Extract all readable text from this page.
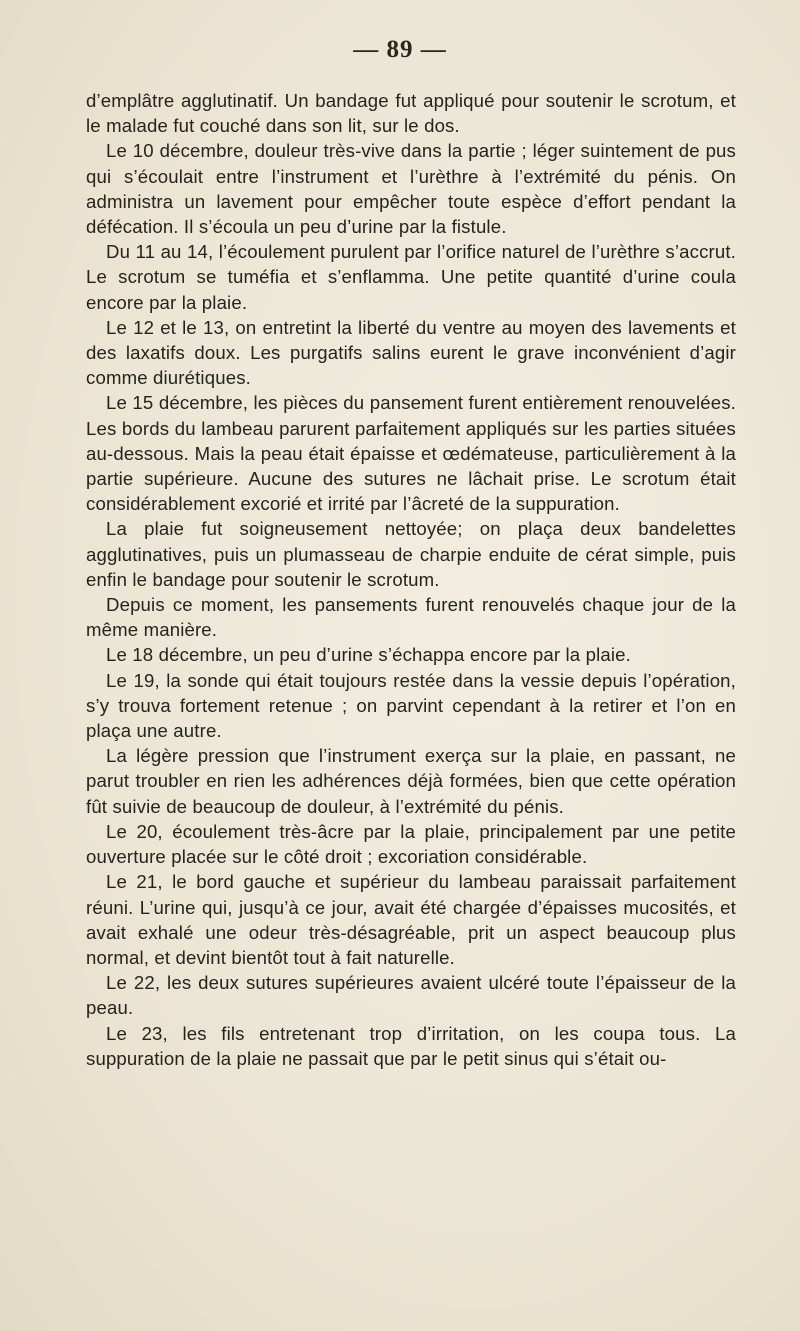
— 89 —

d’emplâtre agglutinatif. Un bandage fut appliqué pour soutenir le scrotum, et le malade fut couché dans son lit, sur le dos.

Le 10 décembre, douleur très-vive dans la partie ; léger suintement de pus qui s’écoulait entre l’instrument et l’urèthre à l’extrémité du pénis. On administra un lavement pour empêcher toute espèce d’effort pendant la défécation. Il s’écoula un peu d’urine par la fistule.

Du 11 au 14, l’écoulement purulent par l’orifice naturel de l’urèthre s’accrut. Le scrotum se tuméfia et s’enflamma. Une petite quantité d’urine coula encore par la plaie.

Le 12 et le 13, on entretint la liberté du ventre au moyen des lavements et des laxatifs doux. Les purgatifs salins eurent le grave inconvénient d’agir comme diurétiques.

Le 15 décembre, les pièces du pansement furent entièrement renouvelées. Les bords du lambeau parurent parfaitement appliqués sur les parties situées au-dessous. Mais la peau était épaisse et œdémateuse, particulièrement à la partie supérieure. Aucune des sutures ne lâchait prise. Le scrotum était considérablement excorié et irrité par l’âcreté de la suppuration.

La plaie fut soigneusement nettoyée; on plaça deux bandelettes agglutinatives, puis un plumasseau de charpie enduite de cérat simple, puis enfin le bandage pour soutenir le scrotum.

Depuis ce moment, les pansements furent renouvelés chaque jour de la même manière.

Le 18 décembre, un peu d’urine s’échappa encore par la plaie.

Le 19, la sonde qui était toujours restée dans la vessie depuis l’opération, s’y trouva fortement retenue ; on parvint cependant à la retirer et l’on en plaça une autre.

La légère pression que l’instrument exerça sur la plaie, en passant, ne parut troubler en rien les adhérences déjà formées, bien que cette opération fût suivie de beaucoup de douleur, à l’extrémité du pénis.

Le 20, écoulement très-âcre par la plaie, principalement par une petite ouverture placée sur le côté droit ; excoriation considérable.

Le 21, le bord gauche et supérieur du lambeau paraissait parfaitement réuni. L’urine qui, jusqu’à ce jour, avait été chargée d’épaisses mucosités, et avait exhalé une odeur très-désagréable, prit un aspect beaucoup plus normal, et devint bientôt tout à fait naturelle.

Le 22, les deux sutures supérieures avaient ulcéré toute l’épaisseur de la peau.

Le 23, les fils entretenant trop d’irritation, on les coupa tous. La suppuration de la plaie ne passait que par le petit sinus qui s’était ou-
